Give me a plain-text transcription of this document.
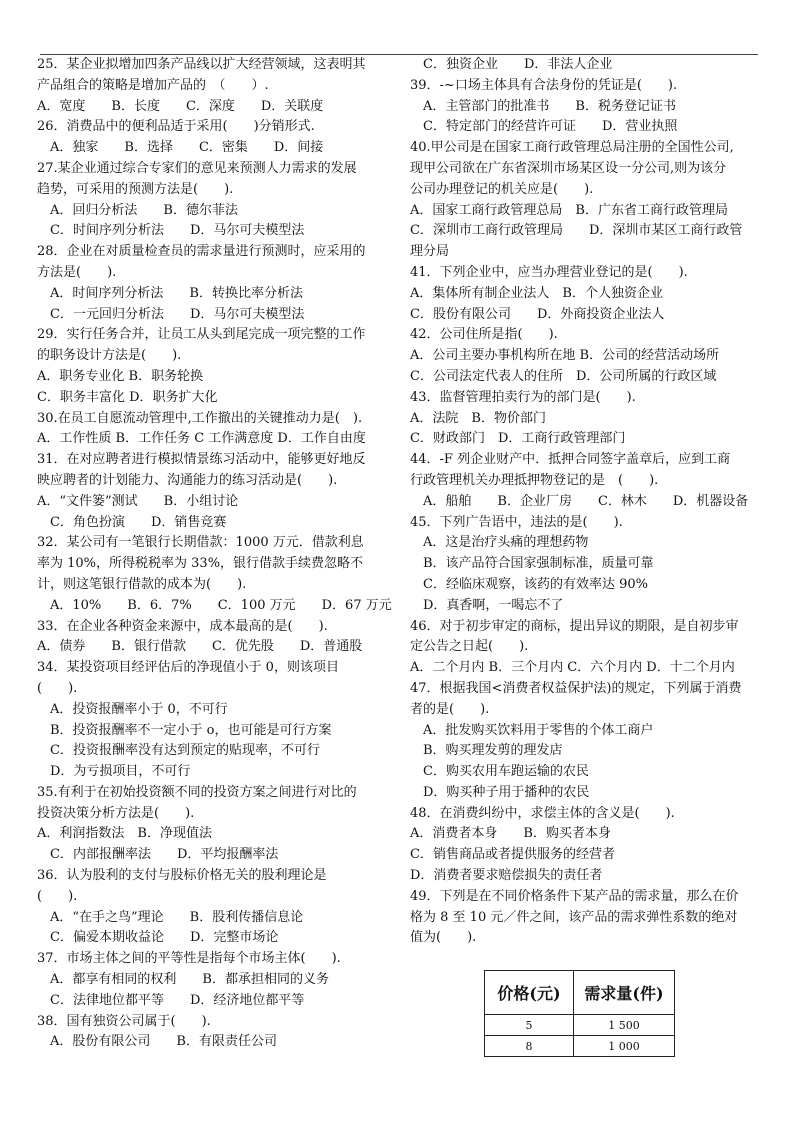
25．某企业拟增加四条产品线以扩大经营领域，这表明其
产品组合的策略是增加产品的　（　　）.
A．宽度　　B．长度　　C．深度　　D．关联度
26．消费品中的便利品适于采用(　　)分销形式.
　A．独家　　B．选择　　C．密集　　D．间接
27.某企业通过综合专家们的意见来预测人力需求的发展
趋势，可采用的预测方法是(　　).
　A．回归分析法　　B．德尔菲法
　C．时间序列分析法　　D．马尔可夫模型法
28．企业在对质量检查员的需求量进行预测时，应采用的
方法是(　　).
　A．时间序列分析法　　B．转换比率分析法
　C．一元回归分析法　　D．马尔可夫模型法
29．实行任务合并，让员工从头到尾完成一项完整的工作
的职务设计方法是(　　).
A．职务专业化 B．职务轮换
C．职务丰富化 D．职务扩大化
30.在员工自愿流动管理中,工作撤出的关键推动力是(　).
A．工作性质 B．工作任务 C 工作满意度 D．工作自由度
31．在对应聘者进行模拟情景练习活动中，能够更好地反
映应聘者的计划能力、沟通能力的练习活动是(　　).
A．“文件篓”测试　　B．小组讨论
　C．角色扮演　　D．销售竞赛
32．某公司有一笔银行长期借款：1000 万元．借款利息
率为 10%，所得税税率为 33%，银行借款手续费忽略不
计，则这笔银行借款的成本为(　　).
　A．10%　　B．6．7%　　C．100 万元　　D．67 万元
33．在企业各种资金来源中，成本最高的是(　　).
A．债券　　B．银行借款　　C．优先股　　D．普通股
34．某投资项目经评估后的净现值小于 0，则该项目
(　　).
　A．投资报酬率小于 0，不可行
　B．投资报酬率不一定小于 o，也可能是可行方案
　C．投资报酬率没有达到预定的贴现率，不可行
　D．为亏损项目，不可行
35.有利于在初始投资额不同的投资方案之间进行对比的
投资决策分析方法是(　　).
A．利润指数法　B．净现值法
　C．内部报酬率法　　D．平均报酬率法
36．认为股利的支付与股标价格无关的股利理论是
(　　).
　A．“在手之鸟”理论　　B．股利传播信息论
　C．偏爱本期收益论　　D．完整市场论
37．市场主体之间的平等性是指每个市场主体(　　).
　A．都享有相同的权利　　B．都承担相同的义务
　C．法律地位都平等　　D．经济地位都平等
38．国有独资公司属于(　　).
　A．股份有限公司　　B．有限责任公司
　C．独资企业　　D．非法人企业
39．-~口场主体具有合法身份的凭证是(　　).
　A．主管部门的批准书　　B．税务登记证书
　C．特定部门的经营许可证　　D．营业执照
40.甲公司是在国家工商行政管理总局注册的全国性公司,
现甲公司欲在广东省深圳市场某区设一分公司,则为该分
公司办理登记的机关应是(　　).
A．国家工商行政管理总局　B．广东省工商行政管理局
C．深圳市工商行政管理局　　D．深圳市某区工商行政管
理分局
41．下列企业中，应当办理营业登记的是(　　).
A．集体所有制企业法人　B．个人独资企业
C．股份有限公司　　D．外商投资企业法人
42．公司住所是指(　　).
A．公司主要办事机构所在地 B．公司的经营活动场所
C．公司法定代表人的住所　D．公司所属的行政区域
43．监督管理拍卖行为的部门是(　　).
A．法院　B．物价部门
C．财政部门　D．工商行政管理部门
44．-F 列企业财产中．抵押合同签字盖章后，应到工商
行政管理机关办理抵押物登记的是　(　　).
　A．船舶　　B．企业厂房　　C．林木　　D．机器设备
45．下列广告语中，违法的是(　　).
　A．这是治疗头痛的理想药物
　B．该产品符合国家强制标准，质量可靠
　C．经临床观察，该药的有效率达 90%
　D．真香啊，一喝忘不了
46．对于初步审定的商标，提出异议的期限，是自初步审
定公告之日起(　　).
A．二个月内 B．三个月内 C．六个月内 D．十二个月内
47．根据我国<消费者权益保护法)的规定，下列属于消费
者的是(　　).
　A．批发购买饮料用于零售的个体工商户
　B．购买理发剪的理发店
　C．购买农用车跑运输的农民
　D．购买种子用于播种的农民
48．在消费纠纷中，求偿主体的含义是(　　).
A．消费者本身　　B．购买者本身
C．销售商品或者提供服务的经营者
D．消费者要求赔偿损失的责任者
49．下列是在不同价格条件下某产品的需求量，那么在价
格为 8 至 10 元／件之间，该产品的需求弹性系数的绝对
值为(　　).
价格(元)	需求量(件)
5	1 500
8	1 000
